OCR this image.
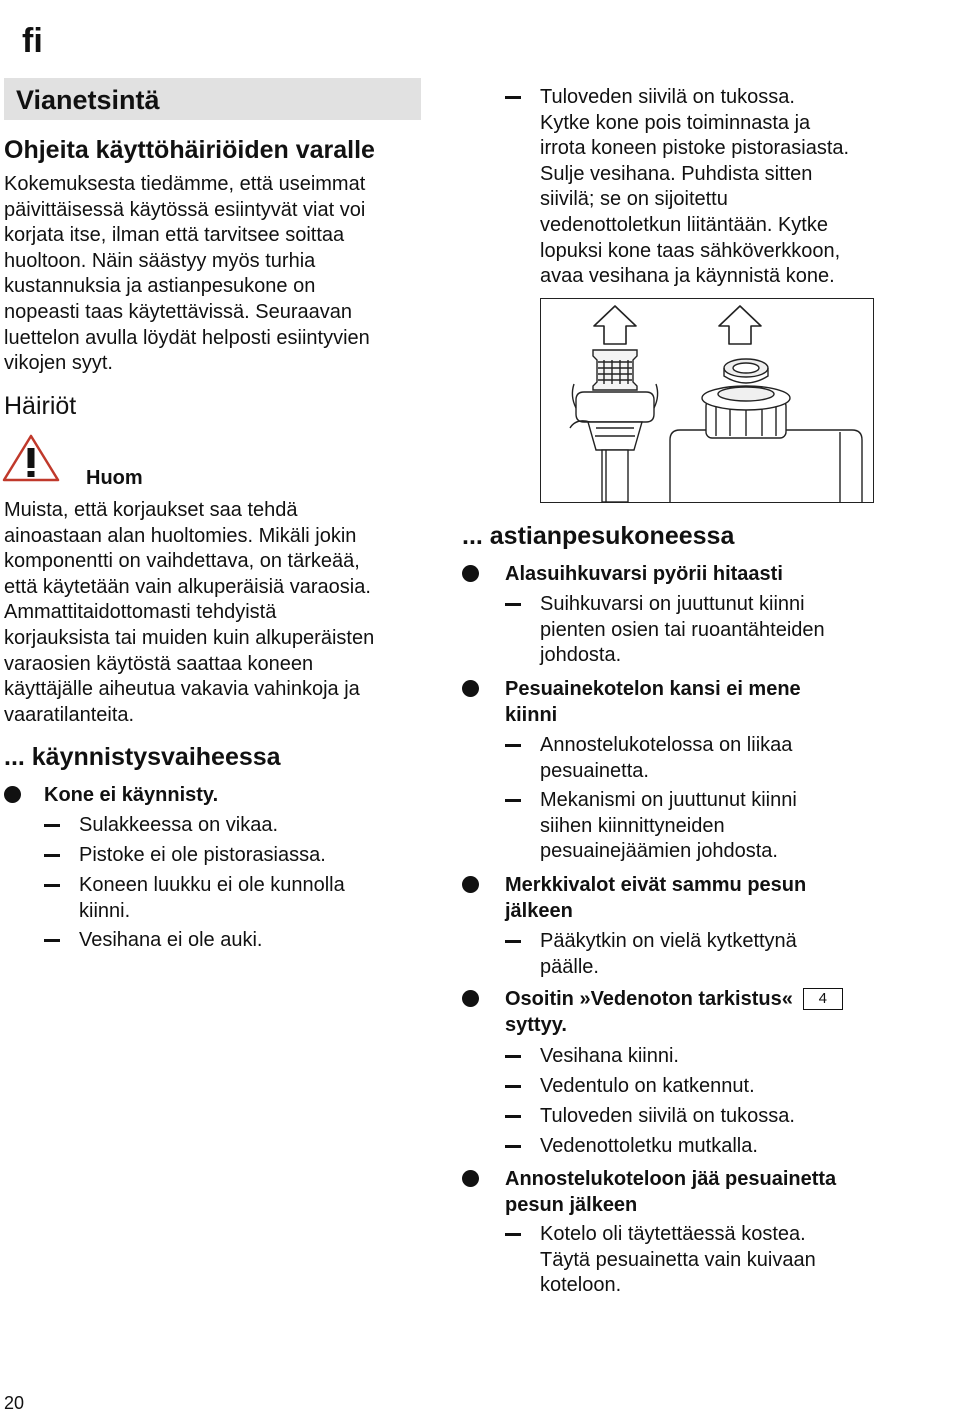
fi
Vianetsintä
Ohjeita käyttöhäiriöiden varalle
Kokemuksesta tiedämme, että useimmat
päivittäisessä käytössä esiintyvät viat voi
korjata itse, ilman että tarvitsee soittaa
huoltoon. Näin säästyy myös turhia
kustannuksia ja astianpesukone on
nopeasti taas käytettävissä. Seuraavan
luettelon avulla löydät helposti esiintyvien
vikojen syyt.
Häiriöt
Huom
Muista, että korjaukset saa tehdä
ainoastaan alan huoltomies. Mikäli jokin
komponentti on vaihdettava, on tärkeää,
että käytetään vain alkuperäisiä varaosia.
Ammattitaidottomasti tehdyistä
korjauksista tai muiden kuin alkuperäisten
varaosien käytöstä saattaa koneen
käyttäjälle aiheutua vakavia vahinkoja ja
vaaratilanteita.
... käynnistysvaiheessa
Kone ei käynnisty.
Sulakkeessa on vikaa.
Pistoke ei ole pistorasiassa.
Koneen luukku ei ole kunnolla
kiinni.
Vesihana ei ole auki.
Tuloveden siivilä on tukossa.
Kytke kone pois toiminnasta ja
irrota koneen pistoke pistorasiasta.
Sulje vesihana. Puhdista sitten
siivilä; se on sijoitettu
vedenottoletkun liitäntään. Kytke
lopuksi kone taas sähköverkkoon,
avaa vesihana ja käynnistä kone.
... astianpesukoneessa
Alasuihkuvarsi pyörii hitaasti
Suihkuvarsi on juuttunut kiinni
pienten osien tai ruoantähteiden
johdosta.
Pesuainekotelon kansi ei mene
kiinni
Annostelukotelossa on liikaa
pesuainetta.
Mekanismi on juuttunut kiinni
siihen kiinnittyneiden
pesuainejäämien johdosta.
Merkkivalot eivät sammu pesun
jälkeen
Pääkytkin on vielä kytkettynä
päälle.
Osoitin »Vedenoton tarkistus« 4
syttyy.
Vesihana kiinni.
Vedentulo on katkennut.
Tuloveden siivilä on tukossa.
Vedenottoletku mutkalla.
Annostelukoteloon jää pesuainetta
pesun jälkeen
Kotelo oli täytettäessä kostea.
Täytä pesuainetta vain kuivaan
koteloon.
20
